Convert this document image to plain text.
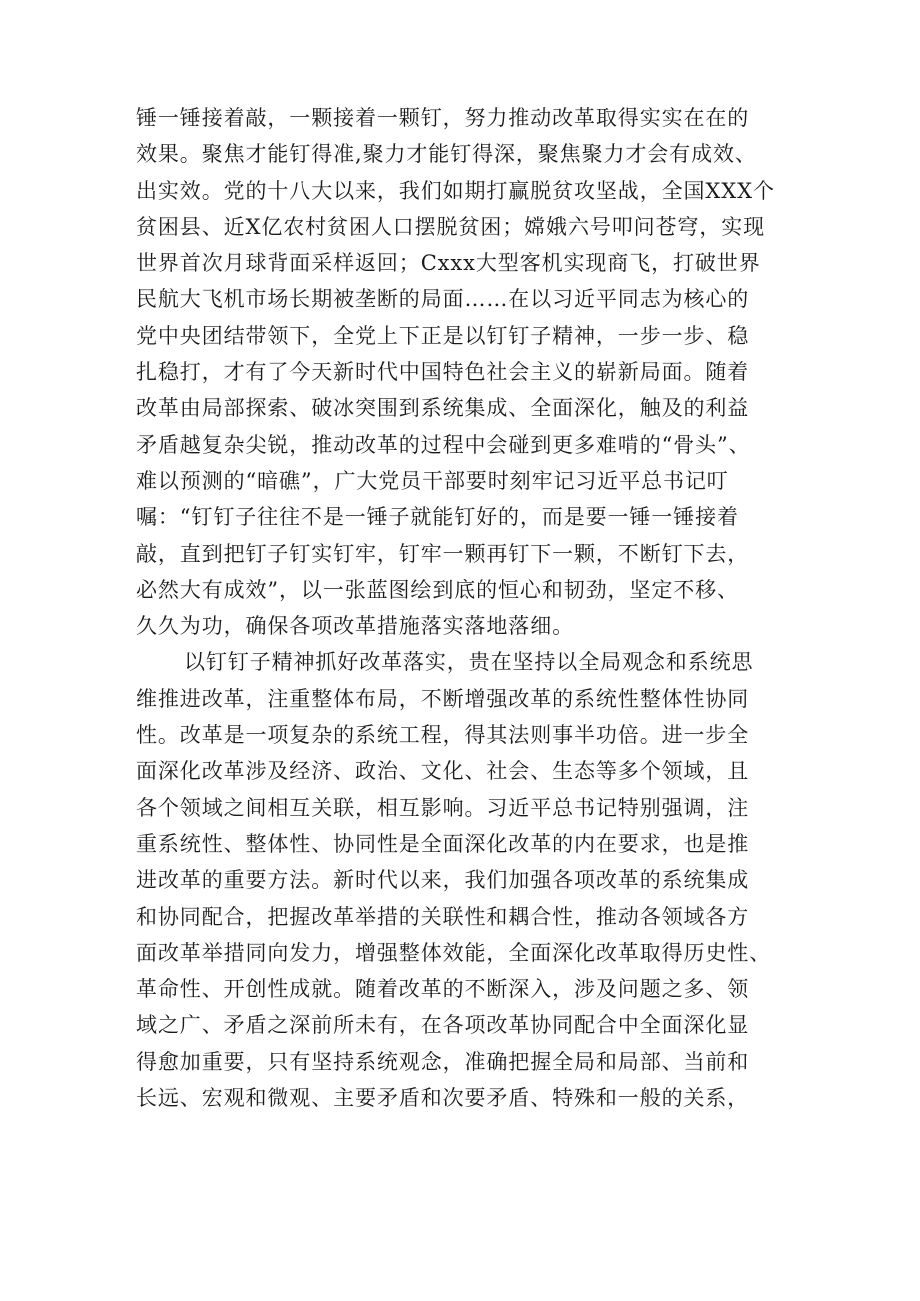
锤一锤接着敲，一颗接着一颗钉，努力推动改革取得实实在在的
效果。聚焦才能钉得准,聚力才能钉得深，聚焦聚力才会有成效、
出实效。党的十八大以来，我们如期打赢脱贫攻坚战，全国XXX个
贫困县、近X亿农村贫困人口摆脱贫困；嫦娥六号叩问苍穹，实现
世界首次月球背面采样返回；Cxxx大型客机实现商飞，打破世界
民航大飞机市场长期被垄断的局面……在以习近平同志为核心的
党中央团结带领下，全党上下正是以钉钉子精神，一步一步、稳
扎稳打，才有了今天新时代中国特色社会主义的崭新局面。随着
改革由局部探索、破冰突围到系统集成、全面深化，触及的利益
矛盾越复杂尖锐，推动改革的过程中会碰到更多难啃的“骨头”、
难以预测的“暗礁”，广大党员干部要时刻牢记习近平总书记叮
嘱：“钉钉子往往不是一锤子就能钉好的，而是要一锤一锤接着
敲，直到把钉子钉实钉牢，钉牢一颗再钉下一颗，不断钉下去，
必然大有成效”，以一张蓝图绘到底的恒心和韧劲，坚定不移、
久久为功，确保各项改革措施落实落地落细。
以钉钉子精神抓好改革落实，贵在坚持以全局观念和系统思
维推进改革，注重整体布局，不断增强改革的系统性整体性协同
性。改革是一项复杂的系统工程，得其法则事半功倍。进一步全
面深化改革涉及经济、政治、文化、社会、生态等多个领域，且
各个领域之间相互关联，相互影响。习近平总书记特别强调，注
重系统性、整体性、协同性是全面深化改革的内在要求，也是推
进改革的重要方法。新时代以来，我们加强各项改革的系统集成
和协同配合，把握改革举措的关联性和耦合性，推动各领域各方
面改革举措同向发力，增强整体效能，全面深化改革取得历史性、
革命性、开创性成就。随着改革的不断深入，涉及问题之多、领
域之广、矛盾之深前所未有，在各项改革协同配合中全面深化显
得愈加重要，只有坚持系统观念，准确把握全局和局部、当前和
长远、宏观和微观、主要矛盾和次要矛盾、特殊和一般的关系，
